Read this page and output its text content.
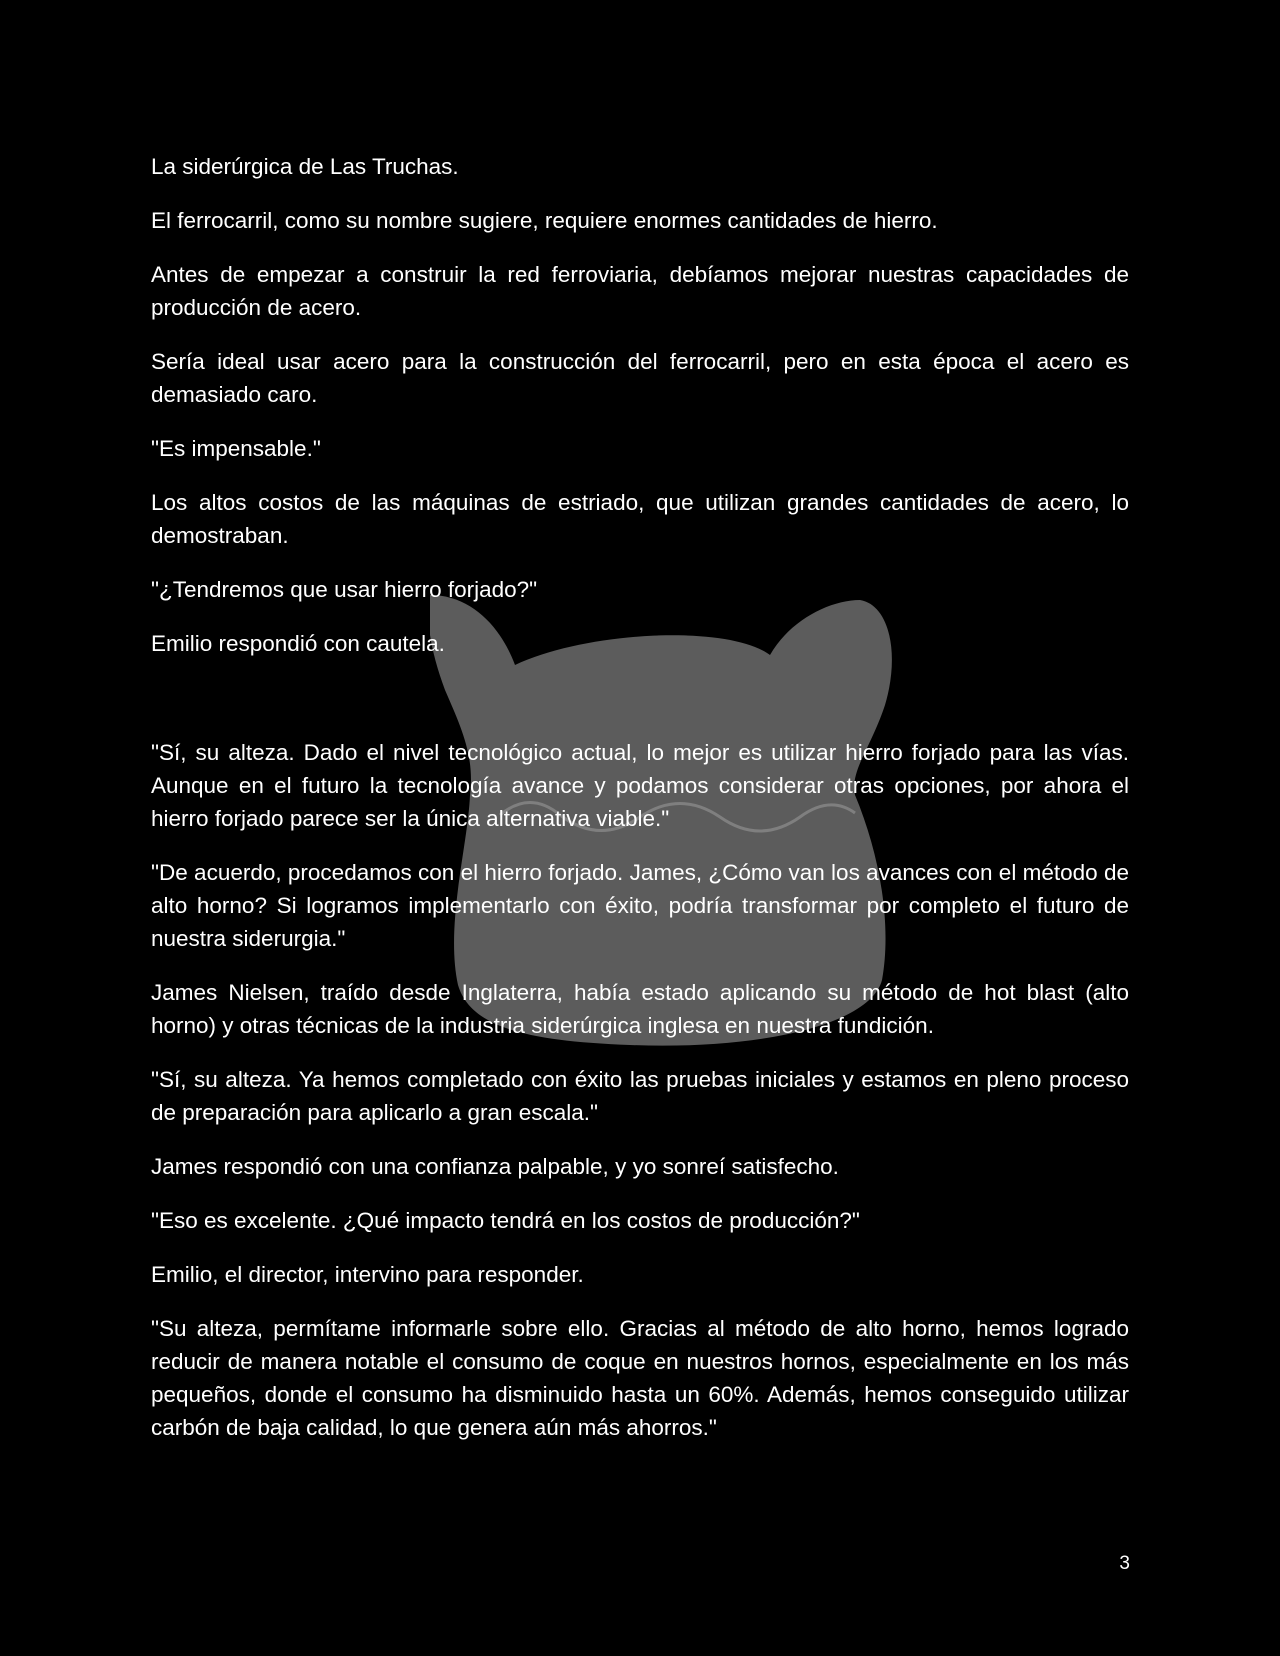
La siderúrgica de Las Truchas.

El ferrocarril, como su nombre sugiere, requiere enormes cantidades de hierro.

Antes de empezar a construir la red ferroviaria, debíamos mejorar nuestras capacidades de producción de acero.

Sería ideal usar acero para la construcción del ferrocarril, pero en esta época el acero es demasiado caro.

"Es impensable."

Los altos costos de las máquinas de estriado, que utilizan grandes cantidades de acero, lo demostraban.

"¿Tendremos que usar hierro forjado?"

Emilio respondió con cautela.

"Sí, su alteza. Dado el nivel tecnológico actual, lo mejor es utilizar hierro forjado para las vías. Aunque en el futuro la tecnología avance y podamos considerar otras opciones, por ahora el hierro forjado parece ser la única alternativa viable."

"De acuerdo, procedamos con el hierro forjado. James, ¿Cómo van los avances con el método de alto horno? Si logramos implementarlo con éxito, podría transformar por completo el futuro de nuestra siderurgia."

James Nielsen, traído desde Inglaterra, había estado aplicando su método de hot blast (alto horno) y otras técnicas de la industria siderúrgica inglesa en nuestra fundición.

"Sí, su alteza. Ya hemos completado con éxito las pruebas iniciales y estamos en pleno proceso de preparación para aplicarlo a gran escala."

James respondió con una confianza palpable, y yo sonreí satisfecho.

"Eso es excelente. ¿Qué impacto tendrá en los costos de producción?"

Emilio, el director, intervino para responder.

"Su alteza, permítame informarle sobre ello. Gracias al método de alto horno, hemos logrado reducir de manera notable el consumo de coque en nuestros hornos, especialmente en los más pequeños, donde el consumo ha disminuido hasta un 60%. Además, hemos conseguido utilizar carbón de baja calidad, lo que genera aún más ahorros."

3
